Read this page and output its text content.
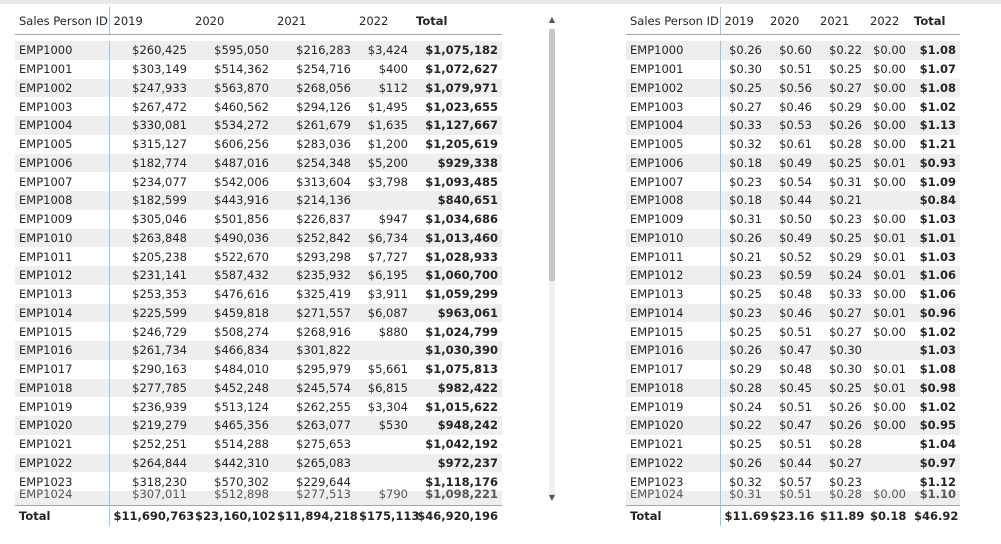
Sales Person ID	2019	2020	2021	2022	Total

EMP1000	$260,425	$595,050	$216,283	$3,424	$1,075,182
EMP1001	$303,149	$514,362	$254,716	$400	$1,072,627
EMP1002	$247,933	$563,870	$268,056	$112	$1,079,971
EMP1003	$267,472	$460,562	$294,126	$1,495	$1,023,655
EMP1004	$330,081	$534,272	$261,679	$1,635	$1,127,667
EMP1005	$315,127	$606,256	$283,036	$1,200	$1,205,619
EMP1006	$182,774	$487,016	$254,348	$5,200	$929,338
EMP1007	$234,077	$542,006	$313,604	$3,798	$1,093,485
EMP1008	$182,599	$443,916	$214,136		$840,651
EMP1009	$305,046	$501,856	$226,837	$947	$1,034,686
EMP1010	$263,848	$490,036	$252,842	$6,734	$1,013,460
EMP1011	$205,238	$522,670	$293,298	$7,727	$1,028,933
EMP1012	$231,141	$587,432	$235,932	$6,195	$1,060,700
EMP1013	$253,353	$476,616	$325,419	$3,911	$1,059,299
EMP1014	$225,599	$459,818	$271,557	$6,087	$963,061
EMP1015	$246,729	$508,274	$268,916	$880	$1,024,799
EMP1016	$261,734	$466,834	$301,822		$1,030,390
EMP1017	$290,163	$484,010	$295,979	$5,661	$1,075,813
EMP1018	$277,785	$452,248	$245,574	$6,815	$982,422
EMP1019	$236,939	$513,124	$262,255	$3,304	$1,015,622
EMP1020	$219,279	$465,356	$263,077	$530	$948,242
EMP1021	$252,251	$514,288	$275,653		$1,042,192
EMP1022	$264,844	$442,310	$265,083		$972,237
EMP1023	$318,230	$570,302	$229,644		$1,118,176

EMP1024	$307,011	$512,898	$277,513	$790	$1,098,221

Total	$11,690,763	$23,160,102	$11,894,218	$175,113	$46,920,196
▲
▼
Sales Person ID	2019	2020	2021	2022	Total

EMP1000	$0.26	$0.60	$0.22	$0.00	$1.08
EMP1001	$0.30	$0.51	$0.25	$0.00	$1.07
EMP1002	$0.25	$0.56	$0.27	$0.00	$1.08
EMP1003	$0.27	$0.46	$0.29	$0.00	$1.02
EMP1004	$0.33	$0.53	$0.26	$0.00	$1.13
EMP1005	$0.32	$0.61	$0.28	$0.00	$1.21
EMP1006	$0.18	$0.49	$0.25	$0.01	$0.93
EMP1007	$0.23	$0.54	$0.31	$0.00	$1.09
EMP1008	$0.18	$0.44	$0.21		$0.84
EMP1009	$0.31	$0.50	$0.23	$0.00	$1.03
EMP1010	$0.26	$0.49	$0.25	$0.01	$1.01
EMP1011	$0.21	$0.52	$0.29	$0.01	$1.03
EMP1012	$0.23	$0.59	$0.24	$0.01	$1.06
EMP1013	$0.25	$0.48	$0.33	$0.00	$1.06
EMP1014	$0.23	$0.46	$0.27	$0.01	$0.96
EMP1015	$0.25	$0.51	$0.27	$0.00	$1.02
EMP1016	$0.26	$0.47	$0.30		$1.03
EMP1017	$0.29	$0.48	$0.30	$0.01	$1.08
EMP1018	$0.28	$0.45	$0.25	$0.01	$0.98
EMP1019	$0.24	$0.51	$0.26	$0.00	$1.02
EMP1020	$0.22	$0.47	$0.26	$0.00	$0.95
EMP1021	$0.25	$0.51	$0.28		$1.04
EMP1022	$0.26	$0.44	$0.27		$0.97
EMP1023	$0.32	$0.57	$0.23		$1.12

EMP1024	$0.31	$0.51	$0.28	$0.00	$1.10

Total	$11.69	$23.16	$11.89	$0.18	$46.92
